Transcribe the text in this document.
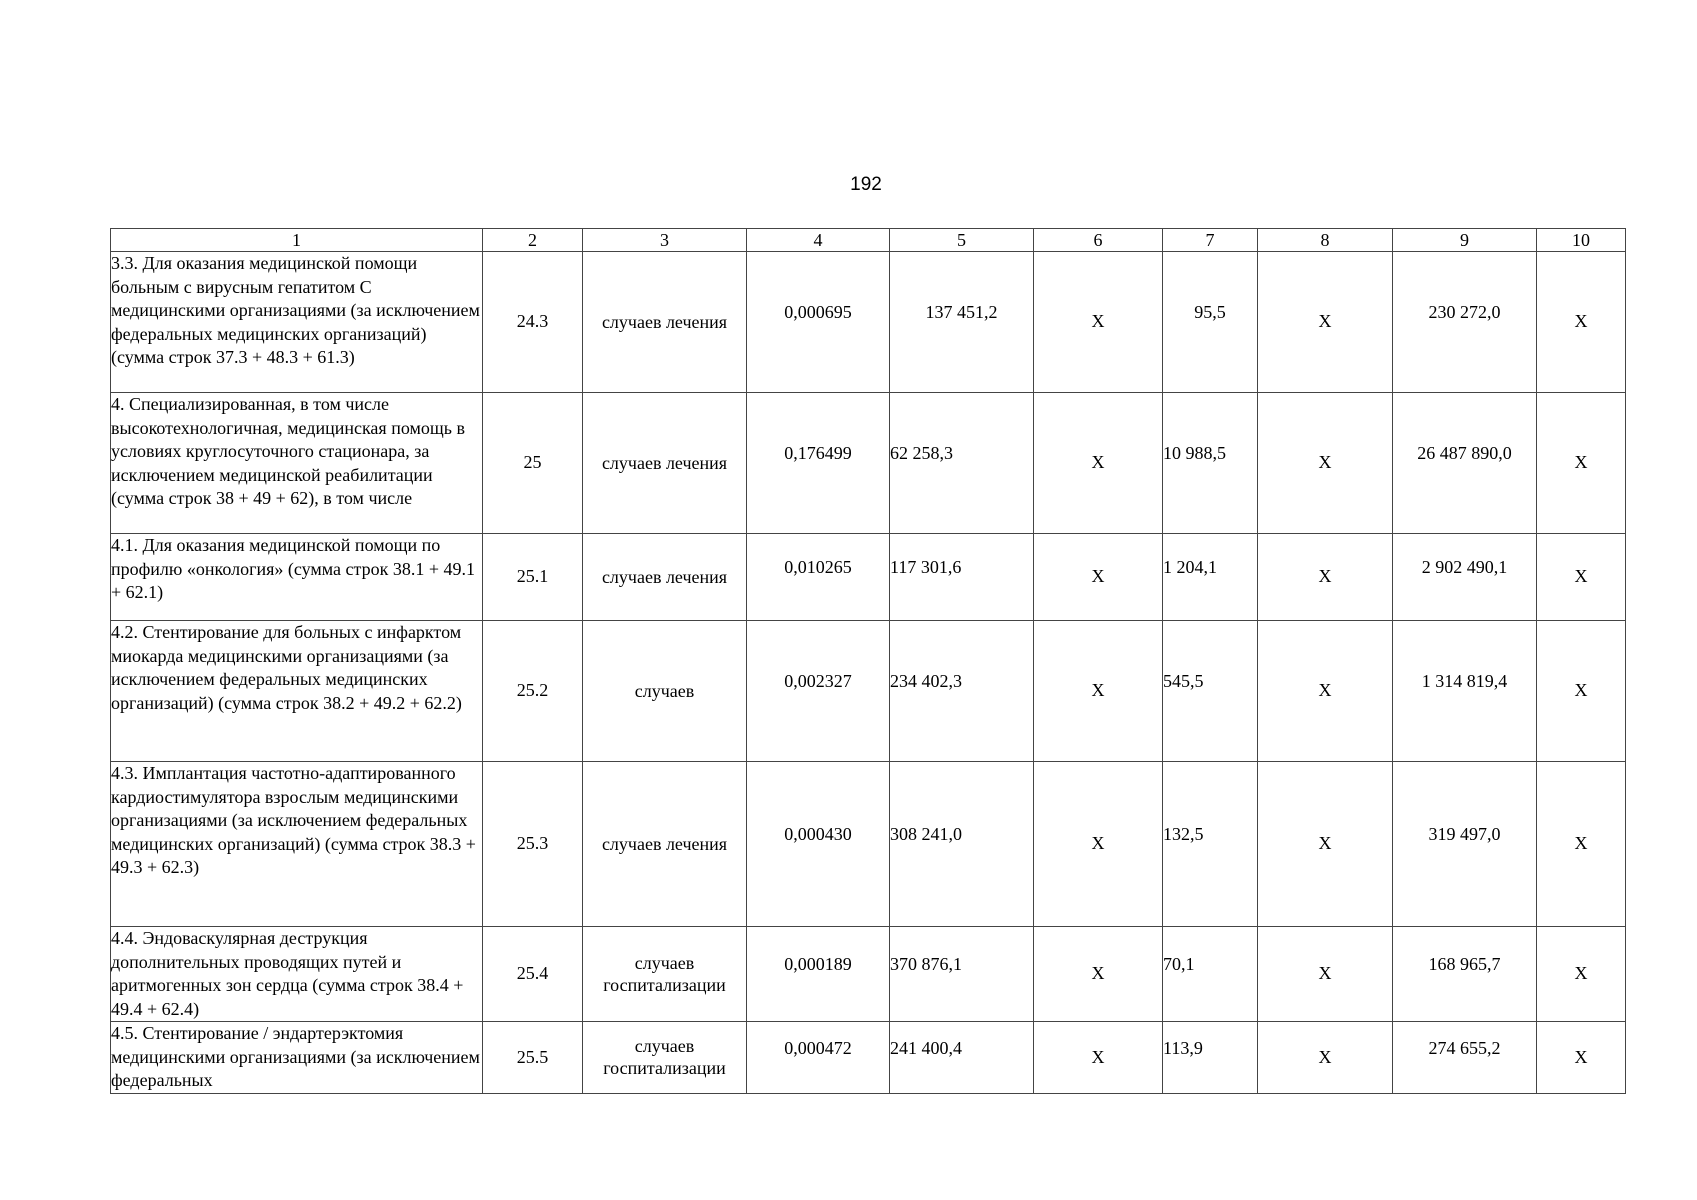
192
1	2	3	4	5	6	7	8	9	10
3.3. Для оказания медицинской помощи больным с вирусным гепатитом С медицинскими организациями (за исключением федеральных медицинских организаций) (сумма строк 37.3 + 48.3 + 61.3)	24.3	случаев лечения	0,000695	137 451,2	X	95,5	X	230 272,0	X
4. Специализированная, в том числе высокотехнологичная, медицинская помощь в условиях круглосуточного стационара, за исключением медицинской реабилитации (сумма строк 38 + 49 + 62), в том числе	25	случаев лечения	0,176499	62 258,3	X	10 988,5	X	26 487 890,0	X
4.1. Для оказания медицинской помощи по профилю «онкология» (сумма строк 38.1 + 49.1 + 62.1)	25.1	случаев лечения	0,010265	117 301,6	X	1 204,1	X	2 902 490,1	X
4.2. Стентирование для больных с инфарктом миокарда медицинскими организациями (за исключением федеральных медицинских организаций) (сумма строк 38.2 + 49.2 + 62.2)	25.2	случаев	0,002327	234 402,3	X	545,5	X	1 314 819,4	X
4.3. Имплантация частотно-адаптированного кардиостимулятора взрослым медицинскими организациями (за исключением федеральных медицинских организаций) (сумма строк 38.3 + 49.3 + 62.3)	25.3	случаев лечения	0,000430	308 241,0	X	132,5	X	319 497,0	X
4.4. Эндоваскулярная деструкция дополнительных проводящих путей и аритмогенных зон сердца (сумма строк 38.4 + 49.4 + 62.4)	25.4	случаев госпитализации	0,000189	370 876,1	X	70,1	X	168 965,7	X
4.5. Стентирование / эндартерэктомия медицинскими организациями (за исключением федеральных	25.5	случаев госпитализации	0,000472	241 400,4	X	113,9	X	274 655,2	X
